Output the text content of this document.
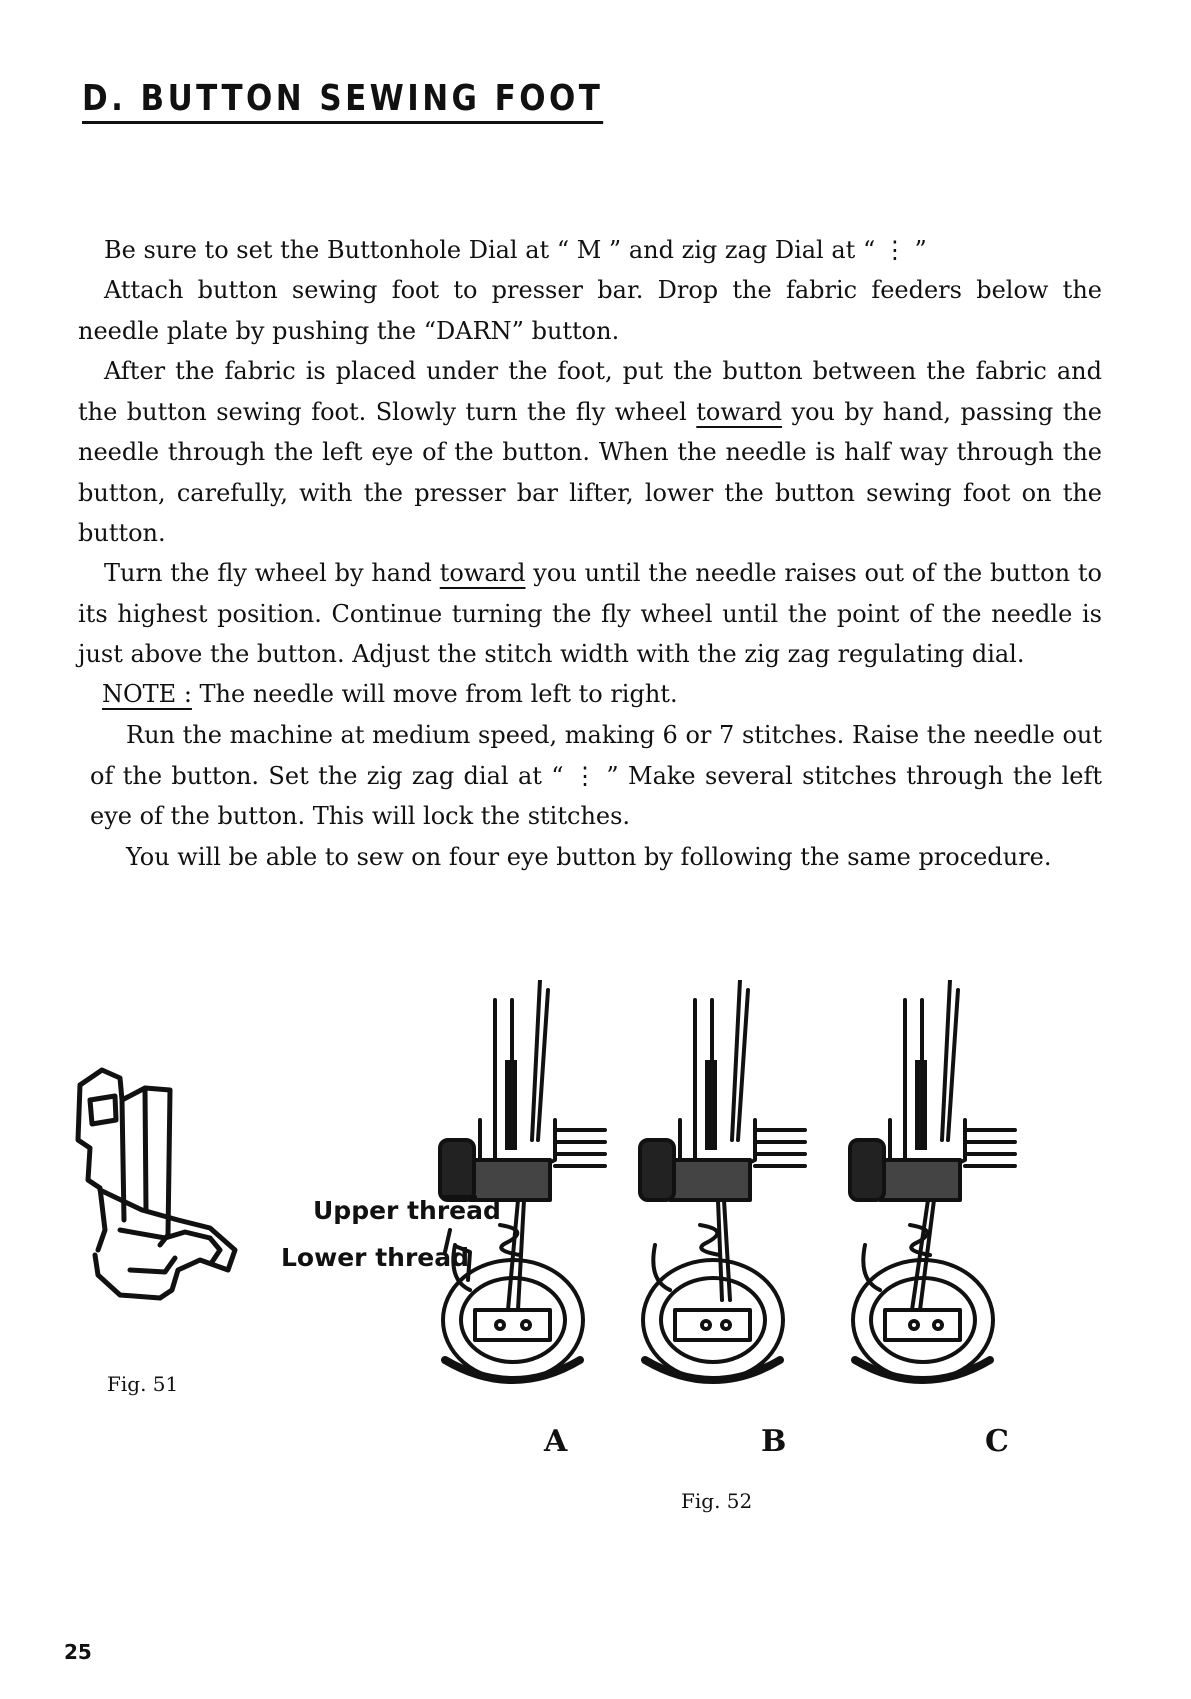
D. BUTTON SEWING FOOT

Be sure to set the Buttonhole Dial at “ M ” and zig zag Dial at “ ⋮ ”

Attach button sewing foot to presser bar. Drop the fabric feeders below the needle plate by pushing the “DARN” button.

After the fabric is placed under the foot, put the button between the fabric and the button sewing foot. Slowly turn the fly wheel toward you by hand, passing the needle through the left eye of the button. When the needle is half way through the button, carefully, with the presser bar lifter, lower the button sewing foot on the button.

Turn the fly wheel by hand toward you until the needle raises out of the button to its highest position. Continue turning the fly wheel until the point of the needle is just above the button. Adjust the stitch width with the zig zag regulating dial.

NOTE : The needle will move from left to right.

Run the machine at medium speed, making 6 or 7 stitches. Raise the needle out of the button. Set the zig zag dial at “ ⋮ ” Make several stitches through the left eye of the button. This will lock the stitches.

You will be able to sew on four eye button by following the same procedure.

Fig. 51
Upper thread
Lower thread
A	B	C
Fig. 52
25
